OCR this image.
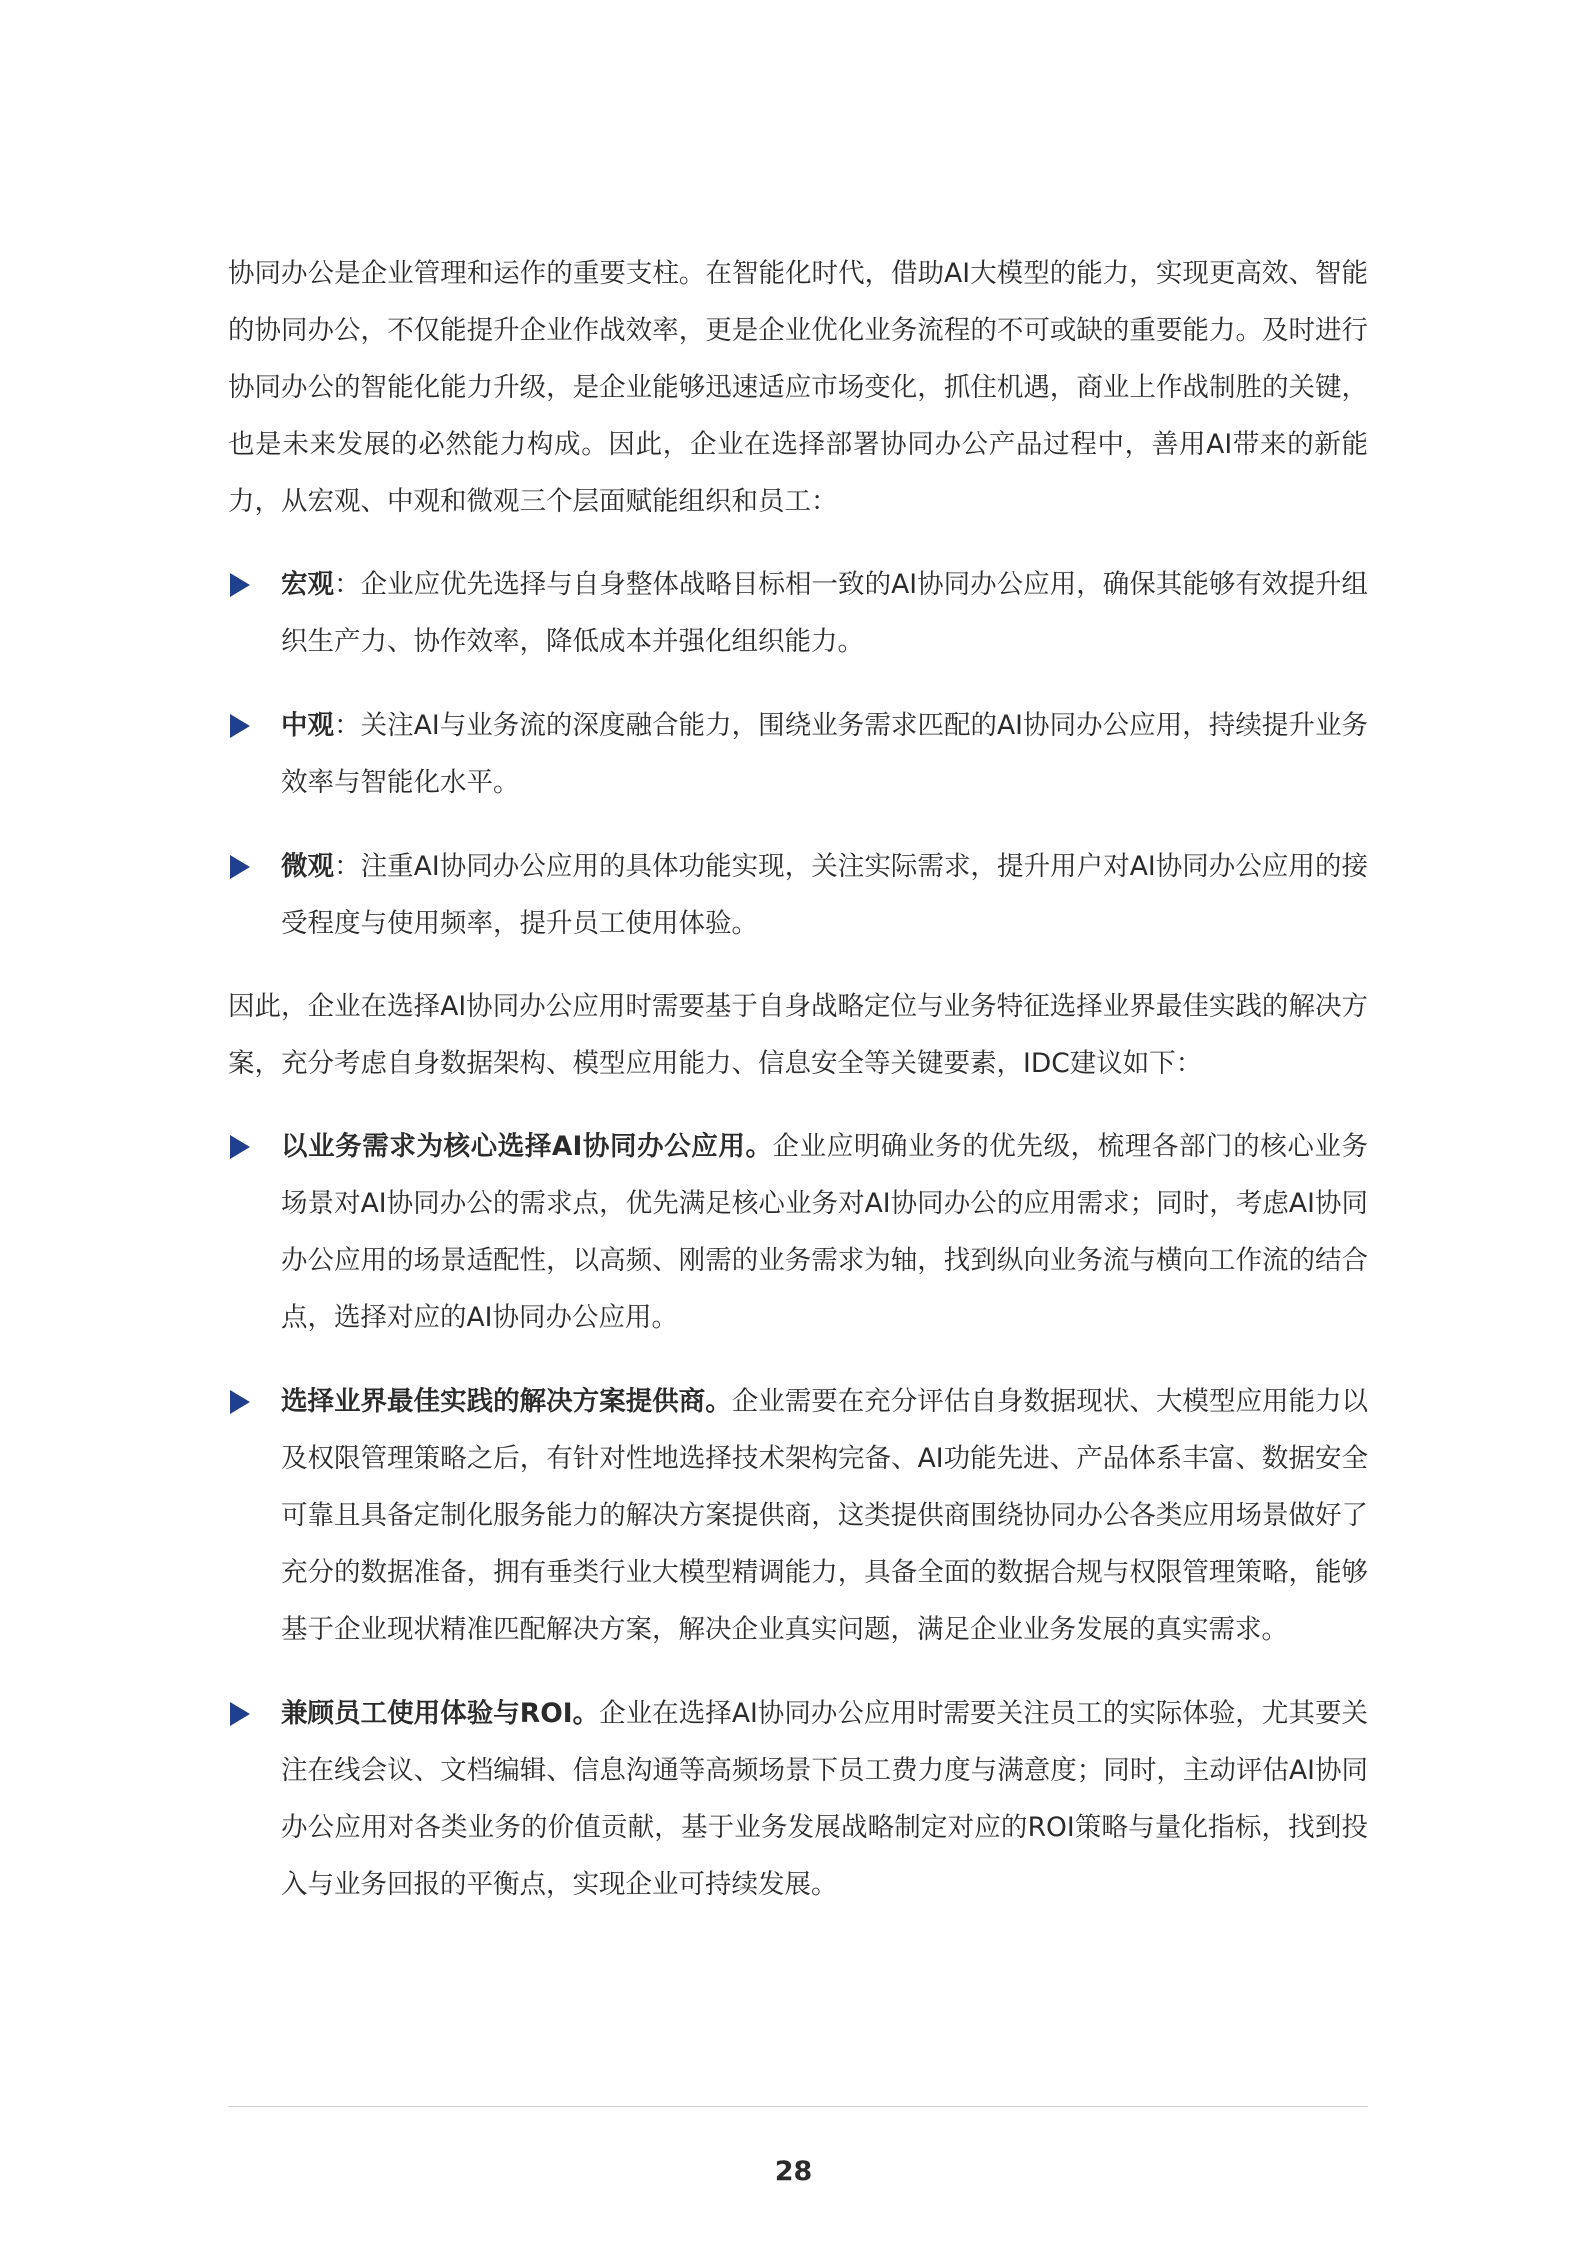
协同办公是企业管理和运作的重要支柱。在智能化时代，借助AI大模型的能力，实现更高效、智能的协同办公，不仅能提升企业作战效率，更是企业优化业务流程的不可或缺的重要能力。及时进行协同办公的智能化能力升级，是企业能够迅速适应市场变化，抓住机遇，商业上作战制胜的关键，也是未来发展的必然能力构成。因此，企业在选择部署协同办公产品过程中，善用AI带来的新能力，从宏观、中观和微观三个层面赋能组织和员工：

宏观：企业应优先选择与自身整体战略目标相一致的AI协同办公应用，确保其能够有效提升组织生产力、协作效率，降低成本并强化组织能力。
中观：关注AI与业务流的深度融合能力，围绕业务需求匹配的AI协同办公应用，持续提升业务效率与智能化水平。
微观：注重AI协同办公应用的具体功能实现，关注实际需求，提升用户对AI协同办公应用的接受程度与使用频率，提升员工使用体验。

因此，企业在选择AI协同办公应用时需要基于自身战略定位与业务特征选择业界最佳实践的解决方案，充分考虑自身数据架构、模型应用能力、信息安全等关键要素，IDC建议如下：

以业务需求为核心选择AI协同办公应用。企业应明确业务的优先级，梳理各部门的核心业务场景对AI协同办公的需求点，优先满足核心业务对AI协同办公的应用需求；同时，考虑AI协同办公应用的场景适配性，以高频、刚需的业务需求为轴，找到纵向业务流与横向工作流的结合点，选择对应的AI协同办公应用。
选择业界最佳实践的解决方案提供商。企业需要在充分评估自身数据现状、大模型应用能力以及权限管理策略之后，有针对性地选择技术架构完备、AI功能先进、产品体系丰富、数据安全可靠且具备定制化服务能力的解决方案提供商，这类提供商围绕协同办公各类应用场景做好了充分的数据准备，拥有垂类行业大模型精调能力，具备全面的数据合规与权限管理策略，能够基于企业现状精准匹配解决方案，解决企业真实问题，满足企业业务发展的真实需求。
兼顾员工使用体验与ROI。企业在选择AI协同办公应用时需要关注员工的实际体验，尤其要关注在线会议、文档编辑、信息沟通等高频场景下员工费力度与满意度；同时，主动评估AI协同办公应用对各类业务的价值贡献，基于业务发展战略制定对应的ROI策略与量化指标，找到投入与业务回报的平衡点，实现企业可持续发展。
28
